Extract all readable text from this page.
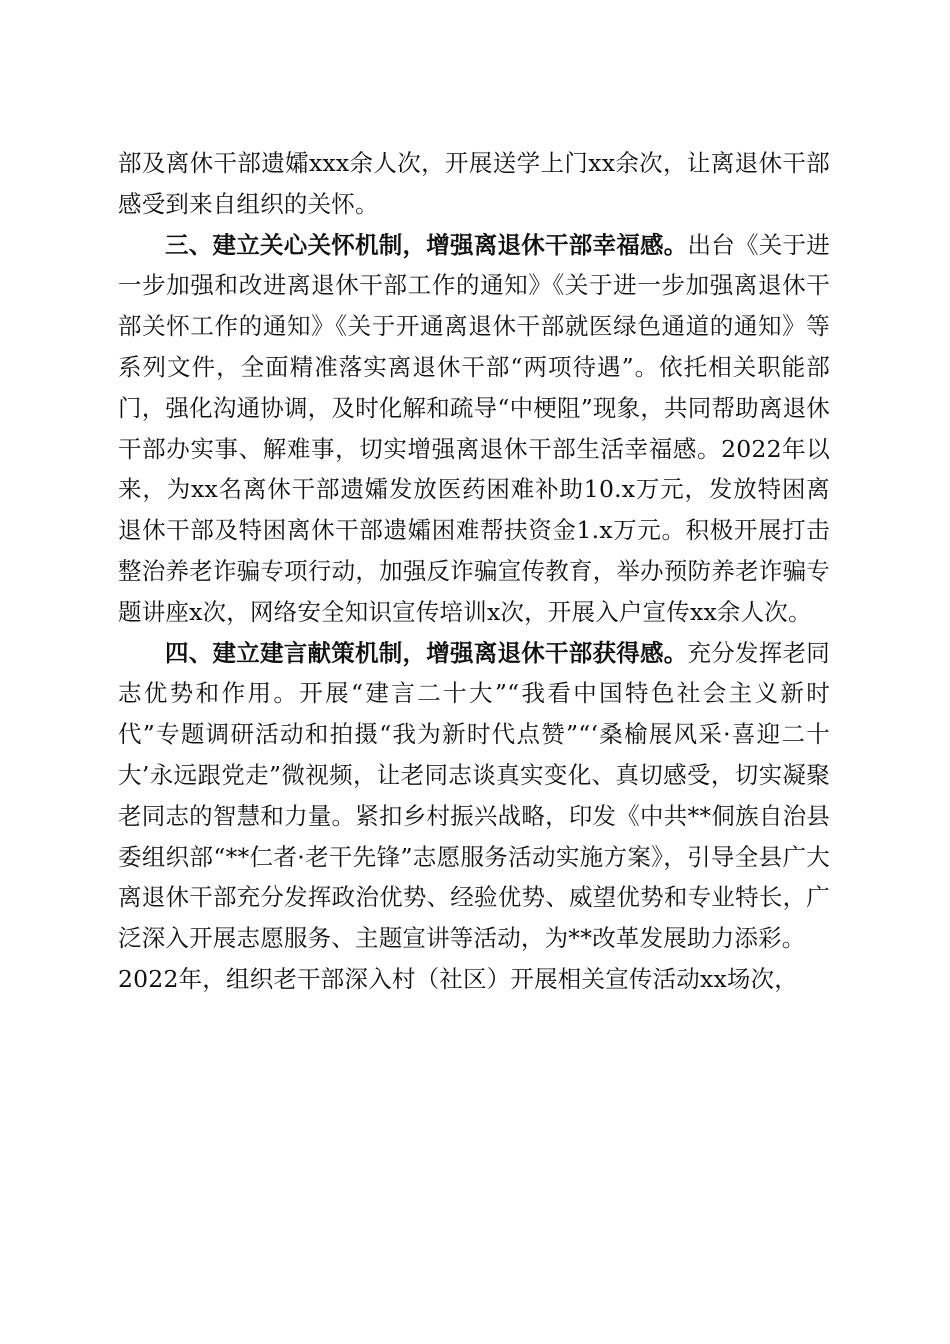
部及离休干部遗孀xxx余人次，开展送学上门xx余次，让离退休干部感受到来自组织的关怀。

三、建立关心关怀机制，增强离退休干部幸福感。出台《关于进一步加强和改进离退休干部工作的通知》《关于进一步加强离退休干部关怀工作的通知》《关于开通离退休干部就医绿色通道的通知》等系列文件，全面精准落实离退休干部“两项待遇”。依托相关职能部门，强化沟通协调，及时化解和疏导“中梗阻”现象，共同帮助离退休干部办实事、解难事，切实增强离退休干部生活幸福感。2022年以来，为xx名离休干部遗孀发放医药困难补助10.x万元，发放特困离退休干部及特困离休干部遗孀困难帮扶资金1.x万元。积极开展打击整治养老诈骗专项行动，加强反诈骗宣传教育，举办预防养老诈骗专题讲座x次，网络安全知识宣传培训x次，开展入户宣传xx余人次。

四、建立建言献策机制，增强离退休干部获得感。充分发挥老同志优势和作用。开展“建言二十大”“我看中国特色社会主义新时代”专题调研活动和拍摄“我为新时代点赞”“‘桑榆展风采·喜迎二十大’永远跟党走”微视频，让老同志谈真实变化、真切感受，切实凝聚老同志的智慧和力量。紧扣乡村振兴战略，印发《中共**侗族自治县委组织部“**仁者·老干先锋”志愿服务活动实施方案》，引导全县广大离退休干部充分发挥政治优势、经验优势、威望优势和专业特长，广泛深入开展志愿服务、主题宣讲等活动，为**改革发展助力添彩。

2022年，组织老干部深入村（社区）开展相关宣传活动xx场次，
